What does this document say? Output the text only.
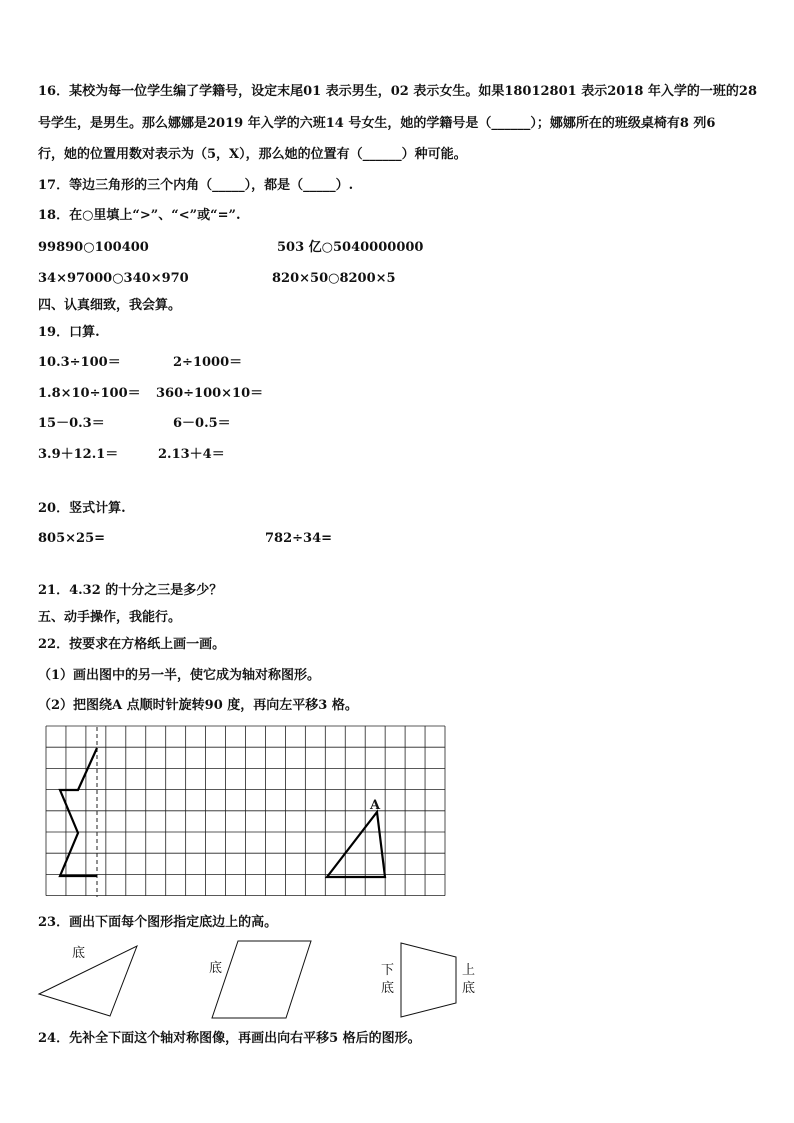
16．某校为每一位学生编了学籍号，设定末尾01 表示男生，02 表示女生。如果18012801 表示2018 年入学的一班的28
号学生，是男生。那么娜娜是2019 年入学的六班14 号女生，她的学籍号是（______）；娜娜所在的班级桌椅有8 列6
行，她的位置用数对表示为（5，X），那么她的位置有（______）种可能。
17．等边三角形的三个内角（_____），都是（_____）.
18．在○里填上“>”、“<”或“=”.
99890○100400	503 亿○5040000000
34×97000○340×970	820×50○8200×5
四、认真细致，我会算。
19．口算.
10.3÷100＝	2÷1000＝
1.8×10÷100＝ 360÷100×10＝
15－0.3＝	6－0.5＝
3.9＋12.1＝	2.13＋4＝
20．竖式计算.
805×25=	782÷34=
21．4.32 的十分之三是多少？
五、动手操作，我能行。
22．按要求在方格纸上画一画。
（1）画出图中的另一半，使它成为轴对称图形。
（2）把图绕A 点顺时针旋转90 度，再向左平移3 格。
A
23．画出下面每个图形指定底边上的高。
底
底	下底
上底
24．先补全下面这个轴对称图像，再画出向右平移5 格后的图形。
